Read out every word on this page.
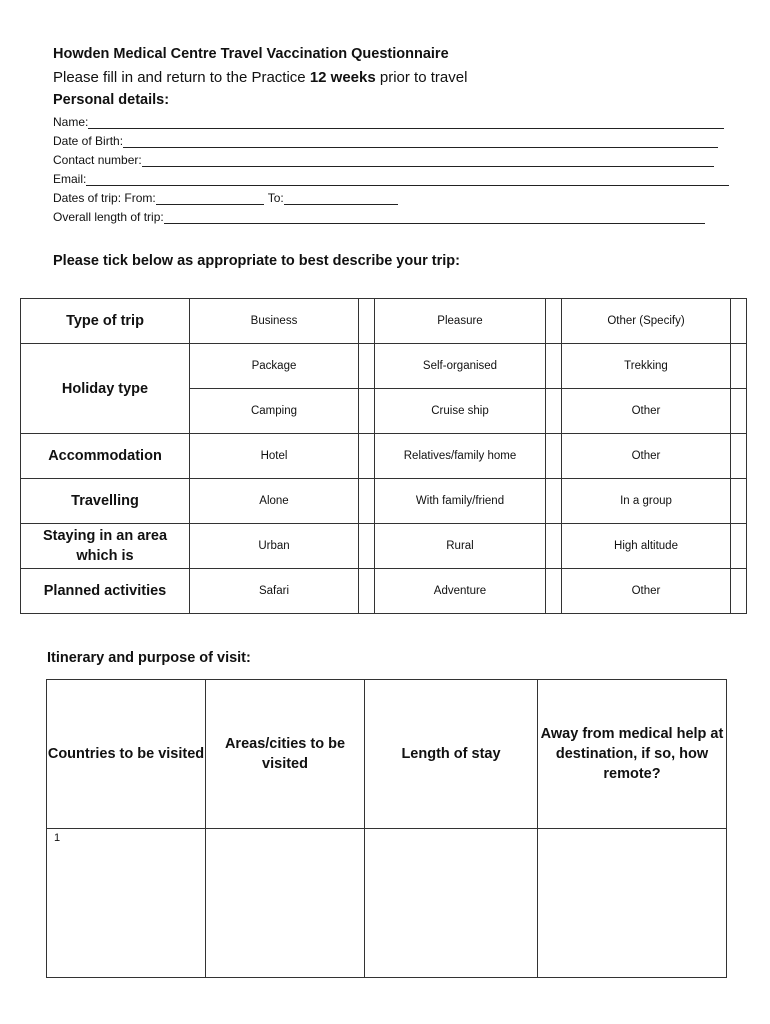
Howden Medical Centre Travel Vaccination Questionnaire
Please fill in and return to the Practice 12 weeks prior to travel
Personal details:
Name:
Date of Birth:
Contact number:
Email:
Dates of trip: From:	To:
Overall length of trip:
Please tick below as appropriate to best describe your trip:
Type of trip	Business		Pleasure		Other (Specify)	
Holiday type	Package		Self-organised		Trekking	
	Camping		Cruise ship		Other	
Accommodation	Hotel		Relatives/family home		Other	
Travelling	Alone		With family/friend		In a group	
Staying in an area which is	Urban		Rural		High altitude	
Planned activities	Safari		Adventure		Other	
Itinerary and purpose of visit:
Countries to be visited	Areas/cities to be visited	Length of stay	Away from medical help at destination, if so, how remote?
1			
